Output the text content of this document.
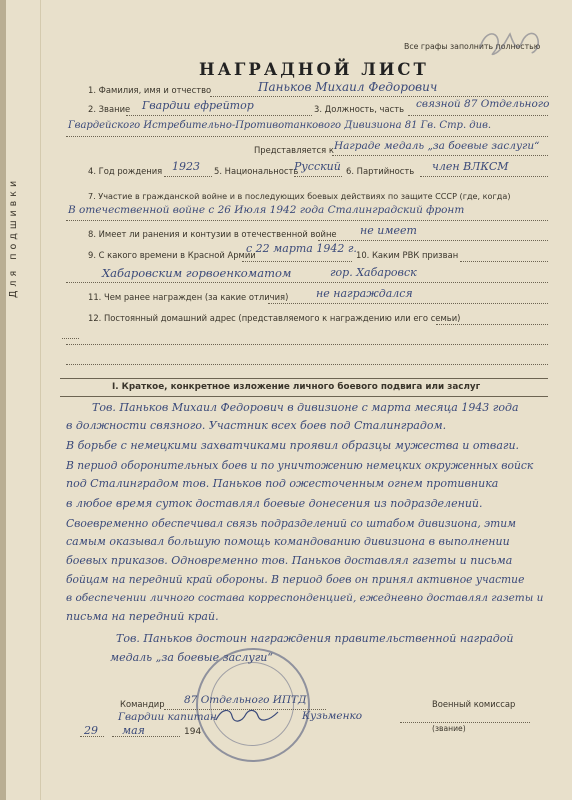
Все графы заполнить полностью
НАГРАДНОЙ ЛИСТ
1. Фамилия, имя и отчество	Паньков Михаил Федорович
2. Звание Гвардии ефрейтор	3. Должность, часть связной 87 Отдельного
Гвардейского Истребительно-Противотанкового Дивизиона 81 Гв. Стр. див.
Представляется к Награде медаль „за боевые заслуги“
4. Год рождения 1923 5. Национальность
Русский 6. Партийность член ВЛКСМ
7. Участие в гражданской войне и в последующих боевых действиях по защите СССР (где, когда)
В отечественной войне с 26 Июля 1942 года Сталинградский фронт
8. Имеет ли ранения и контузии в отечественной войне не имеет
9. С какого времени в Красной Армии
с 22 марта 1942 г. 10. Каким РВК призван
Хабаровским горвоенкоматом	гор. Хабаровск
11. Чем ранее награжден (за какие отличия)	не награждался
12. Постоянный домашний адрес (представляемого к награждению или его семьи)
Для подшивки
I. Краткое, конкретное изложение личного боевого подвига или заслуг
Тов. Паньков Михаил Федорович в дивизионе с марта месяца 1943 года
в должности связного. Участник всех боев под Сталинградом.
В борьбе с немецкими захватчиками проявил образцы мужества и отваги.
В период оборонительных боев и по уничтожению немецких окруженных войск
под Сталинградом тов. Паньков под ожесточенным огнем противника
в любое время суток доставлял боевые донесения из подразделений.
Своевременно обеспечивал связь подразделений со штабом дивизиона, этим
самым оказывал большую помощь командованию дивизиона в выполнении
боевых приказов. Одновременно тов. Паньков доставлял газеты и письма
бойцам на передний край обороны. В период боев он принял активное участие
в обеспечении личного состава корреспонденцией, ежедневно доставлял газеты и
письма на передний край.
Тов. Паньков достоин награждения правительственной наградой
медаль „за боевые заслуги“
Командир 87 Отдельного ИПТД
Гвардии капитан	Кузьменко
Военный комиссар
(звание)
29 мая	194
